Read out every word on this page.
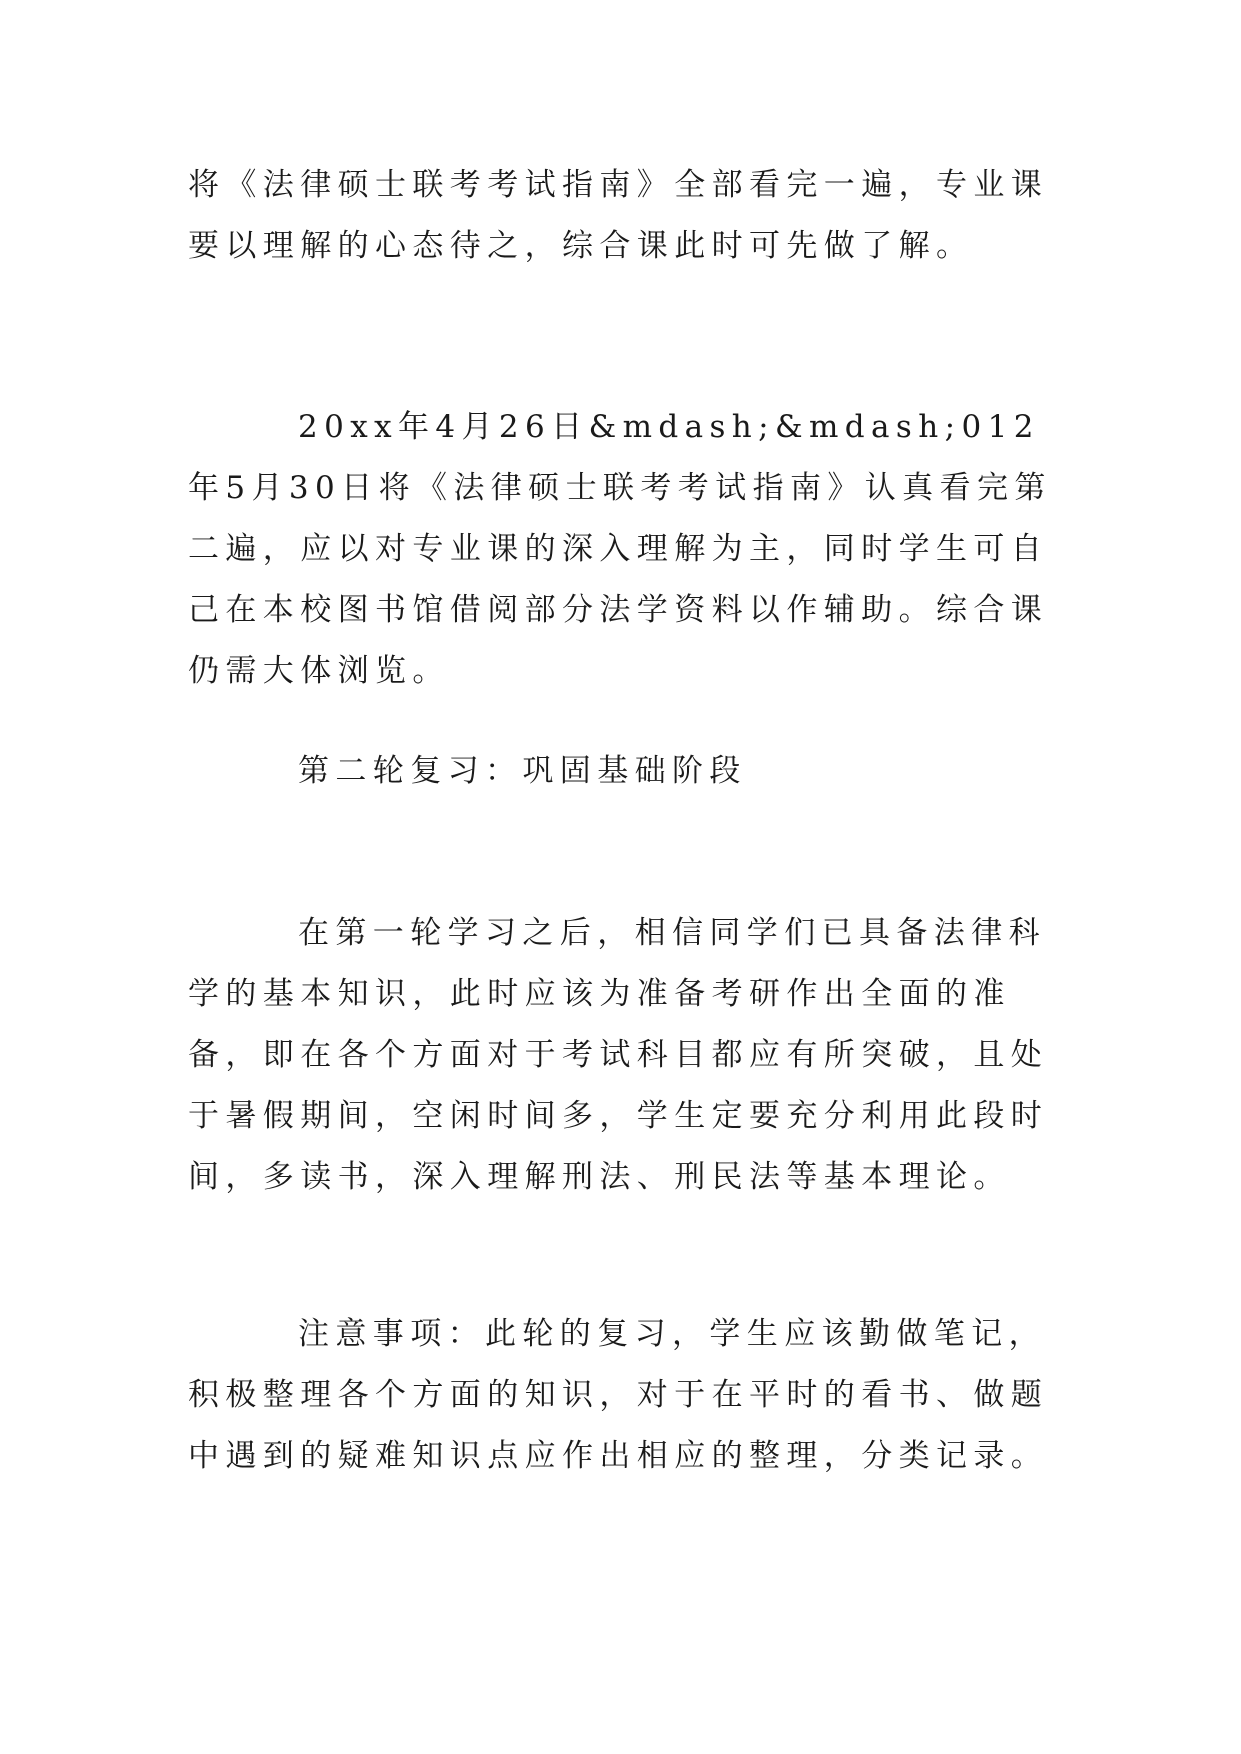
将《法律硕士联考考试指南》全部看完一遍，专业课要以理解的心态待之，综合课此时可先做了解。

20xx年4月26日&mdash;&mdash;012年5月30日将《法律硕士联考考试指南》认真看完第二遍，应以对专业课的深入理解为主，同时学生可自己在本校图书馆借阅部分法学资料以作辅助。综合课仍需大体浏览。

第二轮复习：巩固基础阶段

在第一轮学习之后，相信同学们已具备法律科学的基本知识，此时应该为准备考研作出全面的准备，即在各个方面对于考试科目都应有所突破，且处于暑假期间，空闲时间多，学生定要充分利用此段时间，多读书，深入理解刑法、刑民法等基本理论。

注意事项：此轮的复习，学生应该勤做笔记，积极整理各个方面的知识，对于在平时的看书、做题中遇到的疑难知识点应作出相应的整理，分类记录。
